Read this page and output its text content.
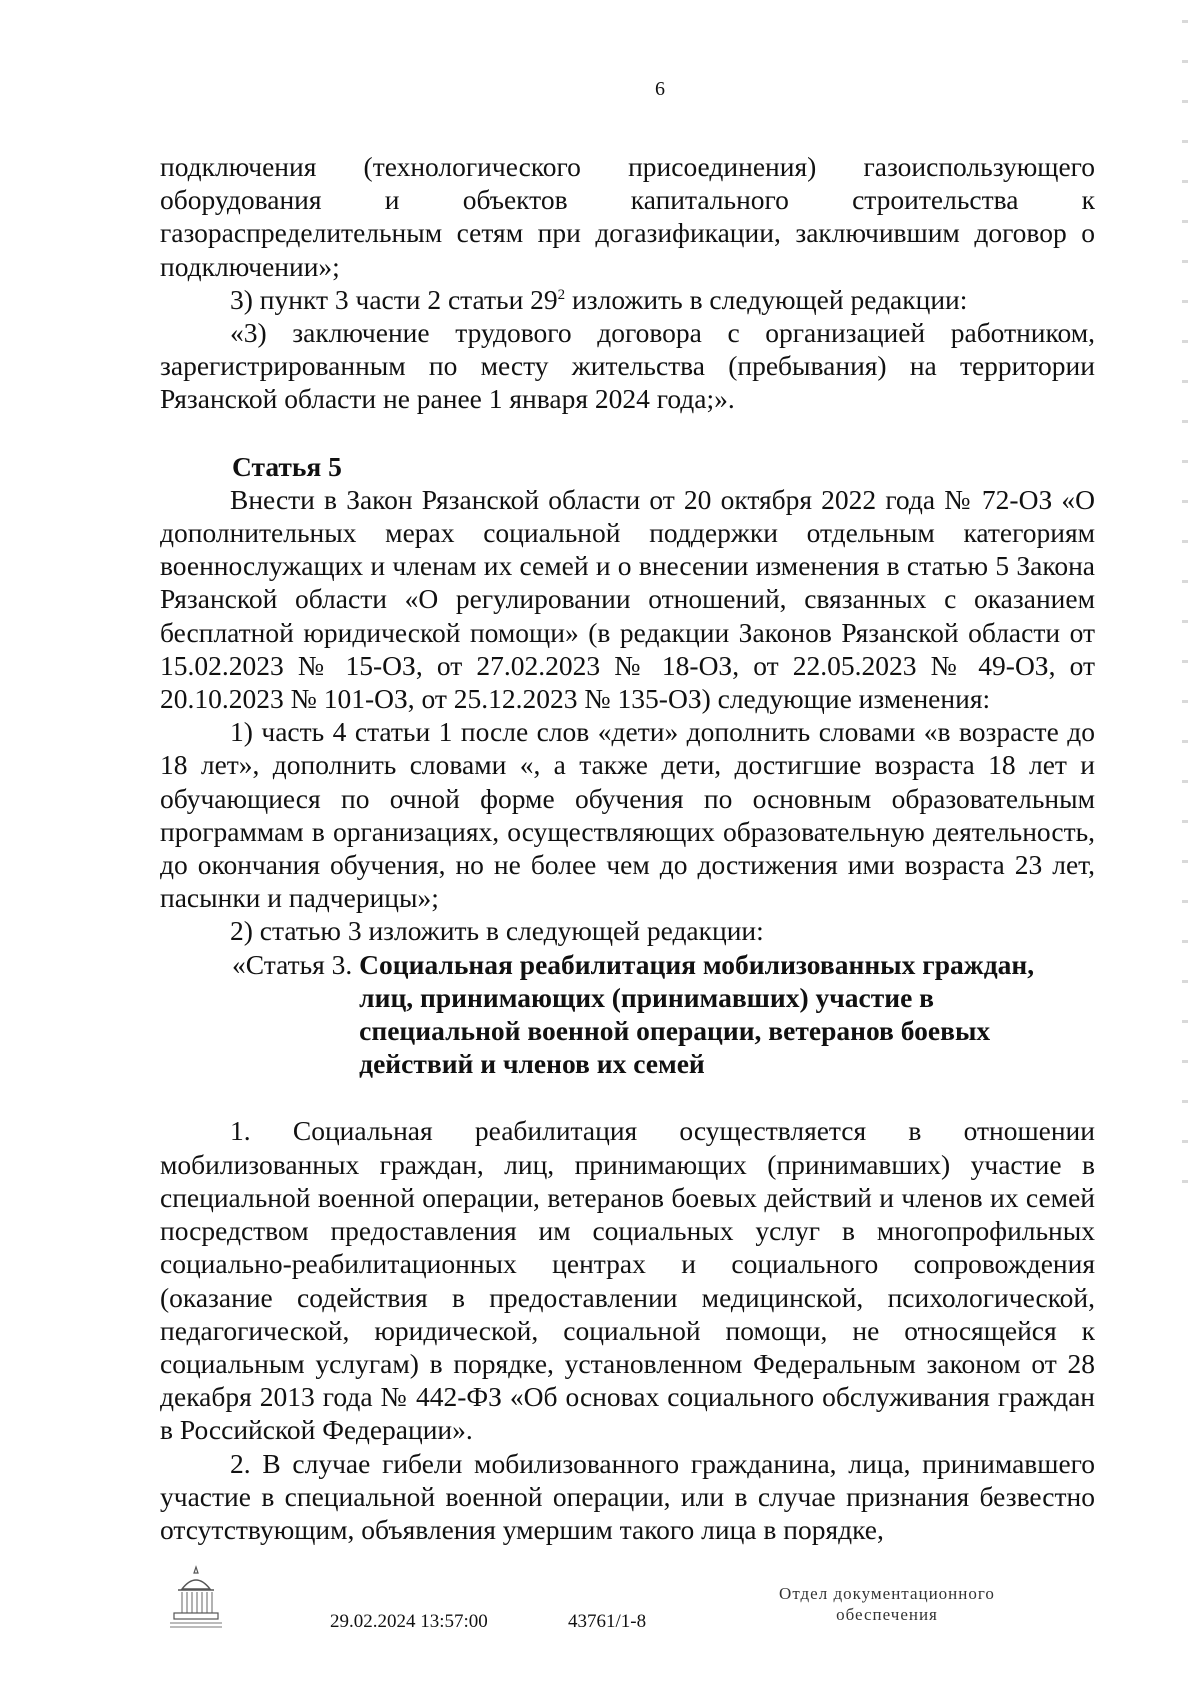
6

подключения (технологического присоединения) газоиспользующего оборудования и объектов капитального строительства к газораспределительным сетям при догазификации, заключившим договор о подключении»;

3) пункт 3 части 2 статьи $29^2$ изложить в следующей редакции:

«3) заключение трудового договора с организацией работником, зарегистрированным по месту жительства (пребывания) на территории Рязанской области не ранее 1 января 2024 года;».

Статья 5

Внести в Закон Рязанской области от 20 октября 2022 года № 72-ОЗ «О дополнительных мерах социальной поддержки отдельным категориям военнослужащих и членам их семей и о внесении изменения в статью 5 Закона Рязанской области «О регулировании отношений, связанных с оказанием бесплатной юридической помощи» (в редакции Законов Рязанской области от 15.02.2023 № 15-ОЗ, от 27.02.2023 № 18-ОЗ, от 22.05.2023 № 49-ОЗ, от 20.10.2023 № 101-ОЗ, от 25.12.2023 № 135-ОЗ) следующие изменения:

1) часть 4 статьи 1 после слов «дети» дополнить словами «в возрасте до 18 лет», дополнить словами «, а также дети, достигшие возраста 18 лет и обучающиеся по очной форме обучения по основным образовательным программам в организациях, осуществляющих образовательную деятельность, до окончания обучения, но не более чем до достижения ими возраста 23 лет, пасынки и падчерицы»;

2) статью 3 изложить в следующей редакции:

«Статья 3. Социальная реабилитация мобилизованных граждан,
лиц, принимающих (принимавших) участие в
специальной военной операции, ветеранов боевых
действий и членов их семей

1. Социальная реабилитация осуществляется в отношении мобилизованных граждан, лиц, принимающих (принимавших) участие в специальной военной операции, ветеранов боевых действий и членов их семей посредством предоставления им социальных услуг в многопрофильных социально-реабилитационных центрах и социального сопровождения (оказание содействия в предоставлении медицинской, психологической, педагогической, юридической, социальной помощи, не относящейся к социальным услугам) в порядке, установленном Федеральным законом от 28 декабря 2013 года № 442-ФЗ «Об основах социального обслуживания граждан в Российской Федерации».

2. В случае гибели мобилизованного гражданина, лица, принимавшего участие в специальной военной операции, или в случае признания безвестно отсутствующим, объявления умершим такого лица в порядке,

29.02.2024 13:57:00	43761/1-8
Отдел документационного
обеспечения
